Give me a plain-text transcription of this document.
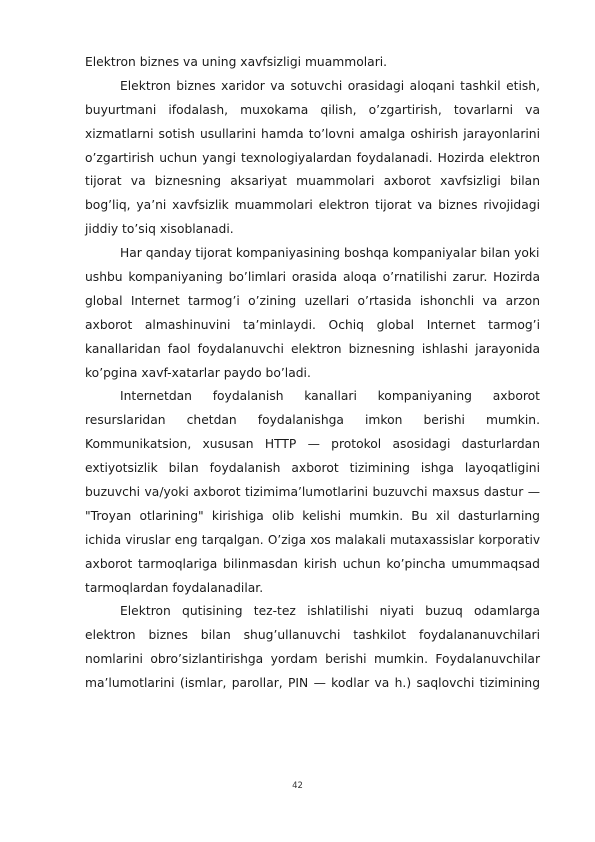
Elektron biznes va uning xavfsizligi muammolari.
Elektron biznes xaridor va sotuvchi orasidagi aloqani tashkil etish,
buyurtmani ifodalash, muxokama qilish, o’zgartirish, tovarlarni va
xizmatlarni sotish usullarini hamda to’lovni amalga oshirish jarayonlarini
o’zgartirish uchun yangi texnologiyalardan foydalanadi. Hozirda elektron
tijorat va biznesning aksariyat muammolari axborot xavfsizligi bilan
bog’liq, ya’ni xavfsizlik muammolari elektron tijorat va biznes rivojidagi
jiddiy to’siq xisoblanadi.
Har qanday tijorat kompaniyasining boshqa kompaniyalar bilan yoki
ushbu kompaniyaning bo’limlari orasida aloqa o’rnatilishi zarur. Hozirda
global Internet tarmog’i o’zining uzellari o’rtasida ishonchli va arzon
axborot almashinuvini ta’minlaydi. Ochiq global Internet tarmog’i
kanallaridan faol foydalanuvchi elektron biznesning ishlashi jarayonida
ko’pgina xavf-xatarlar paydo bo’ladi.
Internetdan foydalanish kanallari kompaniyaning axborot
resurslaridan chetdan foydalanishga imkon berishi mumkin.
Kommunikatsion, xususan HTTP — protokol asosidagi dasturlardan
extiyotsizlik bilan foydalanish axborot tizimining ishga layoqatligini
buzuvchi va/yoki axborot tizimima’lumotlarini buzuvchi maxsus dastur —
"Troyan otlarining" kirishiga olib kelishi mumkin. Bu xil dasturlarning
ichida viruslar eng tarqalgan. O’ziga xos malakali mutaxassislar korporativ
axborot tarmoqlariga bilinmasdan kirish uchun ko’pincha umummaqsad
tarmoqlardan foydalanadilar.
Elektron qutisining tez-tez ishlatilishi niyati buzuq odamlarga
elektron biznes bilan shug’ullanuvchi tashkilot foydalananuvchilari
nomlarini obro’sizlantirishga yordam berishi mumkin. Foydalanuvchilar
ma’lumotlarini (ismlar, parollar, PIN — kodlar va h.) saqlovchi tizimining
42
